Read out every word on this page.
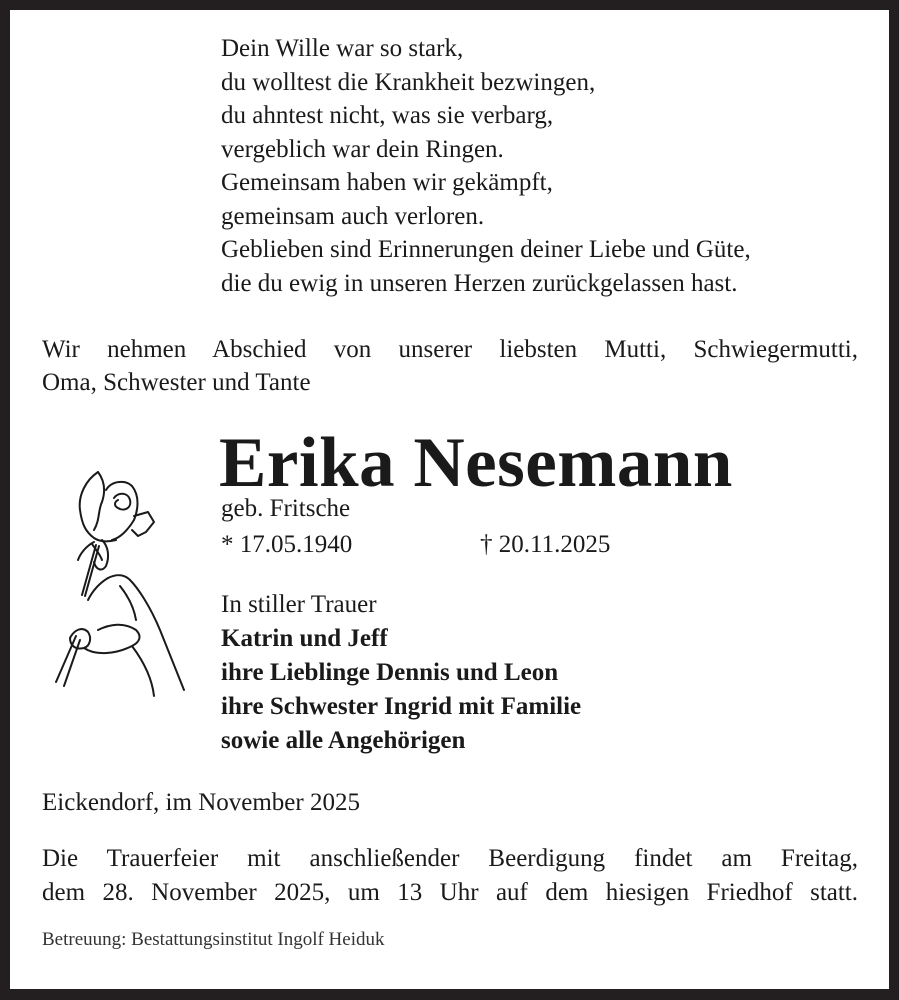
Dein Wille war so stark,
du wolltest die Krankheit bezwingen,
du ahntest nicht, was sie verbarg,
vergeblich war dein Ringen.
Gemeinsam haben wir gekämpft,
gemeinsam auch verloren.
Geblieben sind Erinnerungen deiner Liebe und Güte,
die du ewig in unseren Herzen zurückgelassen hast.
Wir nehmen Abschied von unserer liebsten Mutti, Schwiegermutti,
Oma, Schwester und Tante
Erika Nesemann
geb. Fritsche
* 17.05.1940	† 20.11.2025
In stiller Trauer
Katrin und Jeff
ihre Lieblinge Dennis und Leon
ihre Schwester Ingrid mit Familie
sowie alle Angehörigen
Eickendorf, im November 2025
Die Trauerfeier mit anschließender Beerdigung findet am Freitag,
dem 28. November 2025, um 13 Uhr auf dem hiesigen Friedhof statt.
Betreuung: Bestattungsinstitut Ingolf Heiduk
